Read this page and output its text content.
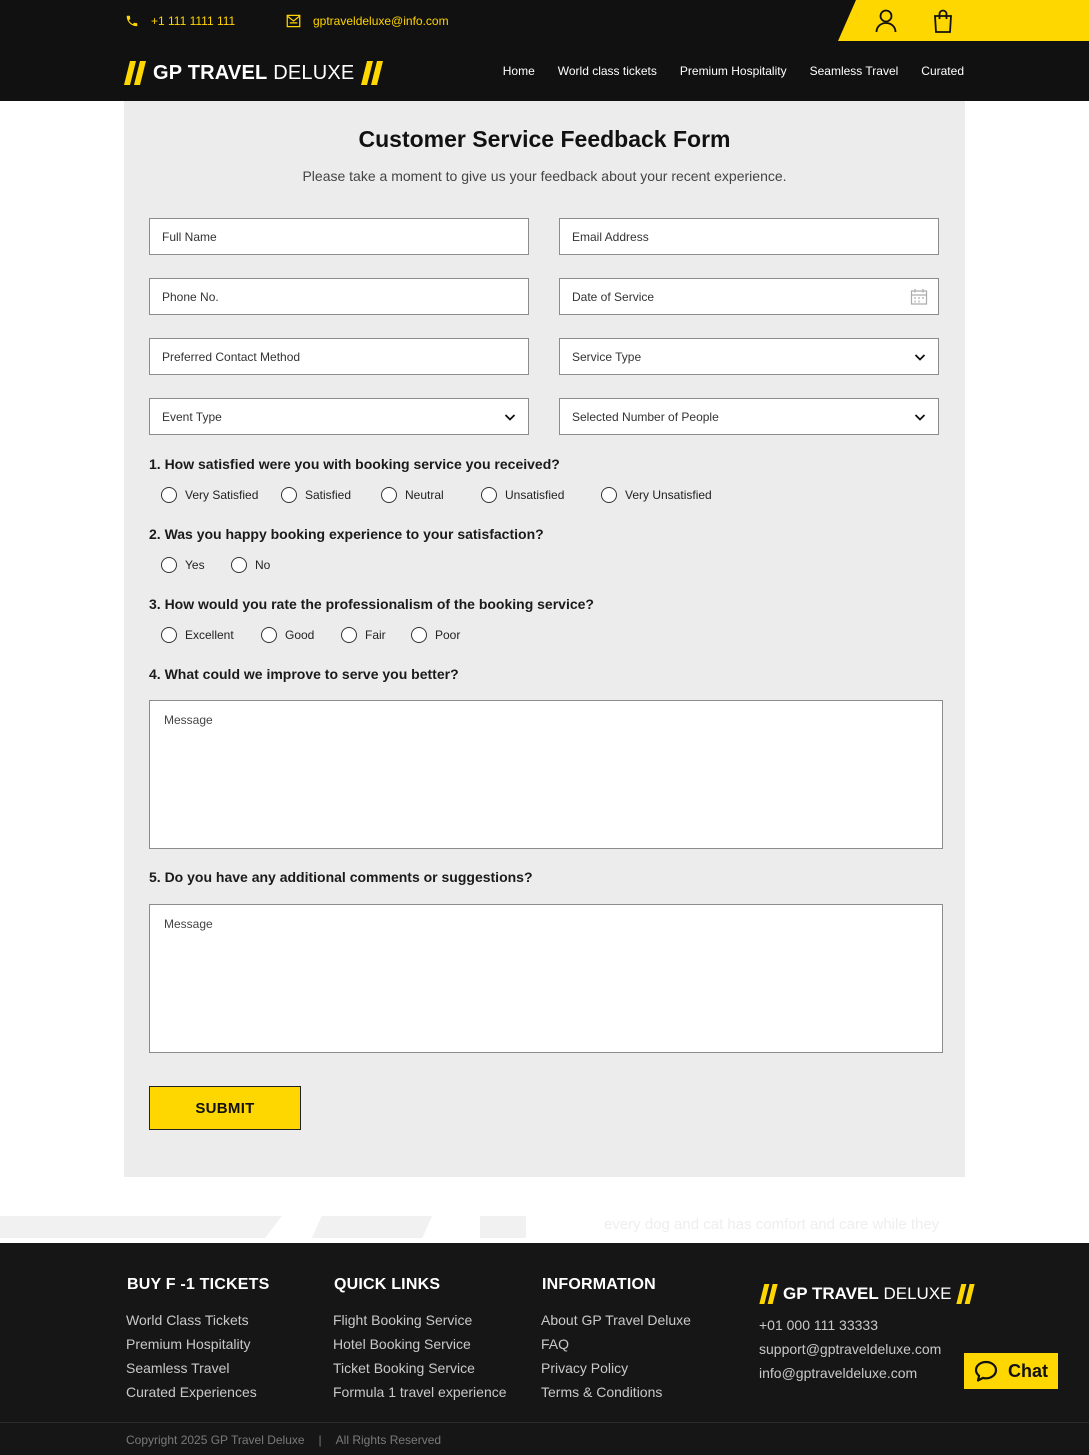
+1 111 1111 111	gptraveldeluxe@info.com
GP TRAVEL DELUXE	Home World class tickets Premium Hospitality Seamless Travel Curated
Customer Service Feedback Form

Please take a moment to give us your feedback about your recent experience.

Full Name	Email Address
Phone No.	Date of Service
Preferred Contact Method	Service Type
Event Type	Selected Number of People
1. How satisfied were you with booking service you received?
Very Satisfied	Satisfied	Neutral	Unsatisfied	Very Unsatisfied
2. Was you happy booking experience to your satisfaction?
Yes	No
3. How would you rate the professionalism of the booking service?
Excellent	Good	Fair	Poor
4. What could we improve to serve you better?
Message
5. Do you have any additional comments or suggestions?
Message
SUBMIT
every dog and cat has comfort and care while they
BUY F -1 TICKETS
World Class Tickets
Premium Hospitality
Seamless Travel
Curated Experiences
QUICK LINKS
Flight Booking Service
Hotel Booking Service
Ticket Booking Service
Formula 1 travel experience
INFORMATION
About GP Travel Deluxe
FAQ
Privacy Policy
Terms & Conditions
GP TRAVEL DELUXE

+01 000 111 33333

support@gptraveldeluxe.com

info@gptraveldeluxe.com

Copyright 2025 GP Travel Deluxe | All Rights Reserved
Chat
